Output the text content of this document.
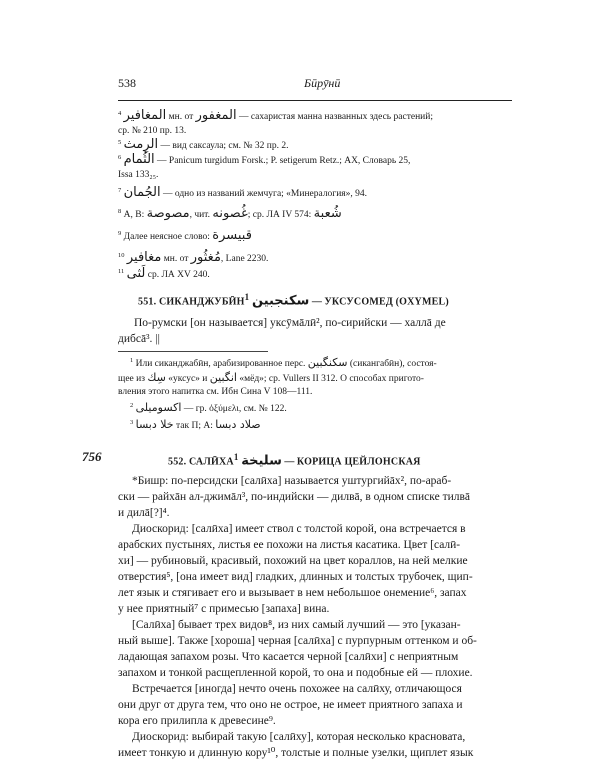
538	Бӣрӯнӣ
$^4$ المغافير мн. от المغفور — сахаристая манна названных здесь растений;
ср. № 210 пр. 13.
$^5$ الرِمث — вид саксаула; см. № 32 пр. 2.
$^6$ الثُمام — Panicum turgidum Forsk.; P. setigerum Retz.; АХ, Словарь 25,
Issa 133₂₅.
$^7$ الجُمان — одно из названий жемчуга; «Минералогия», 94.
$^8$ А, В: مصوصة, чит. غُصونه; ср. ЛА IV 574: شُعبة
$^9$ Далее неясное слово: قبيسرة
$^{10}$ مغافير мн. от مُغثُور, Lane 2230.
$^{11}$ لَثى ср. ЛА XV 240.
551. СИКАНДЖУБӢН$^1$ سكنجبين — УКСУСОМЕД (OXYMEL)
По-румски [он называется] уксӯмāлӣ², по-сирийски — халлā де
дибсā³. ||
$^1$ Или сиканджабӣн, арабизированное перс. سكنگبين (сикангабӣн), состоя-
щее из سِك «уксус» и انگبين «мёд»; ср. Vullers II 312. О способах пригото-
вления этого напитка см. Ибн Сина V 108—111.
$^2$ اكسوميلى — гр. ὀξύμελι, см. № 122.
$^3$ خلا دبسا так П; А: صلاد دبسا
756	552. САЛӢХА$^1$ سليخة — КОРИЦА ЦЕЙЛОНСКАЯ
*Бишр: по-персидски [салӣха] называется уштургийāх², по-араб-
ски — райхāн ал-джимāл³, по-индийски — дилвā, в одном списке тилвā
и дилā[?]⁴.
Диоскорид: [салӣха] имеет ствол с толстой корой, она встречается в
арабских пустынях, листья ее похожи на листья касатика. Цвет [салӣ-
хи] — рубиновый, красивый, похожий на цвет кораллов, на ней мелкие
отверстия⁵, [она имеет вид] гладких, длинных и толстых трубочек, щип-
лет язык и стягивает его и вызывает в нем небольшое онемение⁶, запах
у нее приятный⁷ с примесью [запаха] вина.
[Салӣха] бывает трех видов⁸, из них самый лучший — это [указан-
ный выше]. Также [хороша] черная [салӣха] с пурпурным оттенком и об-
ладающая запахом розы. Что касается черной [салӣхи] с неприятным
запахом и тонкой расщепленной корой, то она и подобные ей — плохие.
Встречается [иногда] нечто очень похожее на салӣху, отличающося
они друг от друга тем, что оно не острое, не имеет приятного запаха и
кора его прилипла к древесине⁹.
Диоскорид: выбирай такую [салӣху], которая несколько красновата,
имеет тонкую и длинную кору¹⁰, толстые и полные узелки, щиплет язык
